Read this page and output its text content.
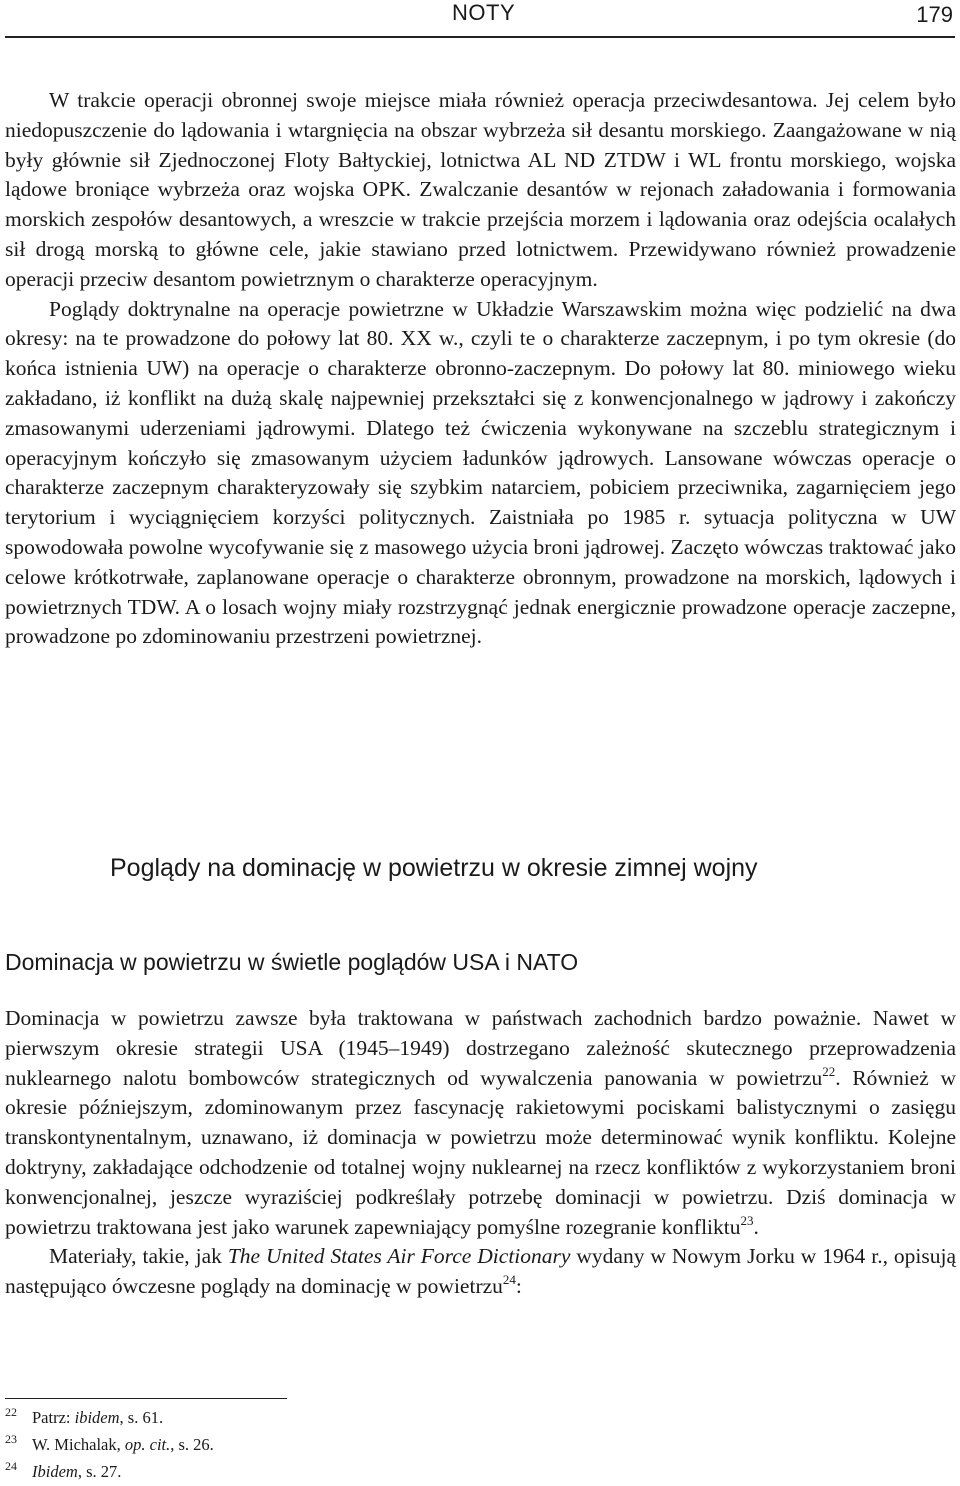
NOTY	179

W trakcie operacji obronnej swoje miejsce miała również operacja przeciwdesantowa. Jej celem było niedopuszczenie do lądowania i wtargnięcia na obszar wybrzeża sił desantu morskiego. Zaangażowane w nią były głównie sił Zjednoczonej Floty Bałtyckiej, lotnictwa AL ND ZTDW i WL frontu morskiego, wojska lądowe broniące wybrzeża oraz wojska OPK. Zwalczanie desantów w rejonach załadowania i formowania morskich zespołów desantowych, a wreszcie w trakcie przejścia morzem i lądowania oraz odejścia ocalałych sił drogą morską to główne cele, jakie stawiano przed lotnictwem. Przewidywano również prowadzenie operacji przeciw desantom powietrznym o charakterze operacyjnym.

Poglądy doktrynalne na operacje powietrzne w Układzie Warszawskim można więc podzielić na dwa okresy: na te prowadzone do połowy lat 80. XX w., czyli te o charakterze zaczepnym, i po tym okresie (do końca istnienia UW) na operacje o charakterze obronno-zaczepnym. Do połowy lat 80. miniowego wieku zakładano, iż konflikt na dużą skalę najpewniej przekształci się z konwencjonalnego w jądrowy i zakończy zmasowanymi uderzeniami jądrowymi. Dlatego też ćwiczenia wykonywane na szczeblu strategicznym i operacyjnym kończyło się zmasowanym użyciem ładunków jądrowych. Lansowane wówczas operacje o charakterze zaczepnym charakteryzowały się szybkim natarciem, pobiciem przeciwnika, zagarnięciem jego terytorium i wyciągnięciem korzyści politycznych. Zaistniała po 1985 r. sytuacja polityczna w UW spowodowała powolne wycofywanie się z masowego użycia broni jądrowej. Zaczęto wówczas traktować jako celowe krótkotrwałe, zaplanowane operacje o charakterze obronnym, prowadzone na morskich, lądowych i powietrznych TDW. A o losach wojny miały rozstrzygnąć jednak energicznie prowadzone operacje zaczepne, prowadzone po zdominowaniu przestrzeni powietrznej.

Poglądy na dominację w powietrzu w okresie zimnej wojny
Dominacja w powietrzu w świetle poglądów USA i NATO

Dominacja w powietrzu zawsze była traktowana w państwach zachodnich bardzo poważnie. Nawet w pierwszym okresie strategii USA (1945–1949) dostrzegano zależność skutecznego przeprowadzenia nuklearnego nalotu bombowców strategicznych od wywalczenia panowania w powietrzu$^{22}$. Również w okresie późniejszym, zdominowanym przez fascynację rakietowymi pociskami balistycznymi o zasięgu transkontynentalnym, uznawano, iż dominacja w powietrzu może determinować wynik konfliktu. Kolejne doktryny, zakładające odchodzenie od totalnej wojny nuklearnej na rzecz konfliktów z wykorzystaniem broni konwencjonalnej, jeszcze wyraziściej podkreślały potrzebę dominacji w powietrzu. Dziś dominacja w powietrzu traktowana jest jako warunek zapewniający pomyślne rozegranie konfliktu$^{23}$.

Materiały, takie, jak The United States Air Force Dictionary wydany w Nowym Jorku w 1964 r., opisują następująco ówczesne poglądy na dominację w powietrzu$^{24}$:

22 Patrz: ibidem, s. 61.
23 W. Michalak, op. cit., s. 26.
24 Ibidem, s. 27.
